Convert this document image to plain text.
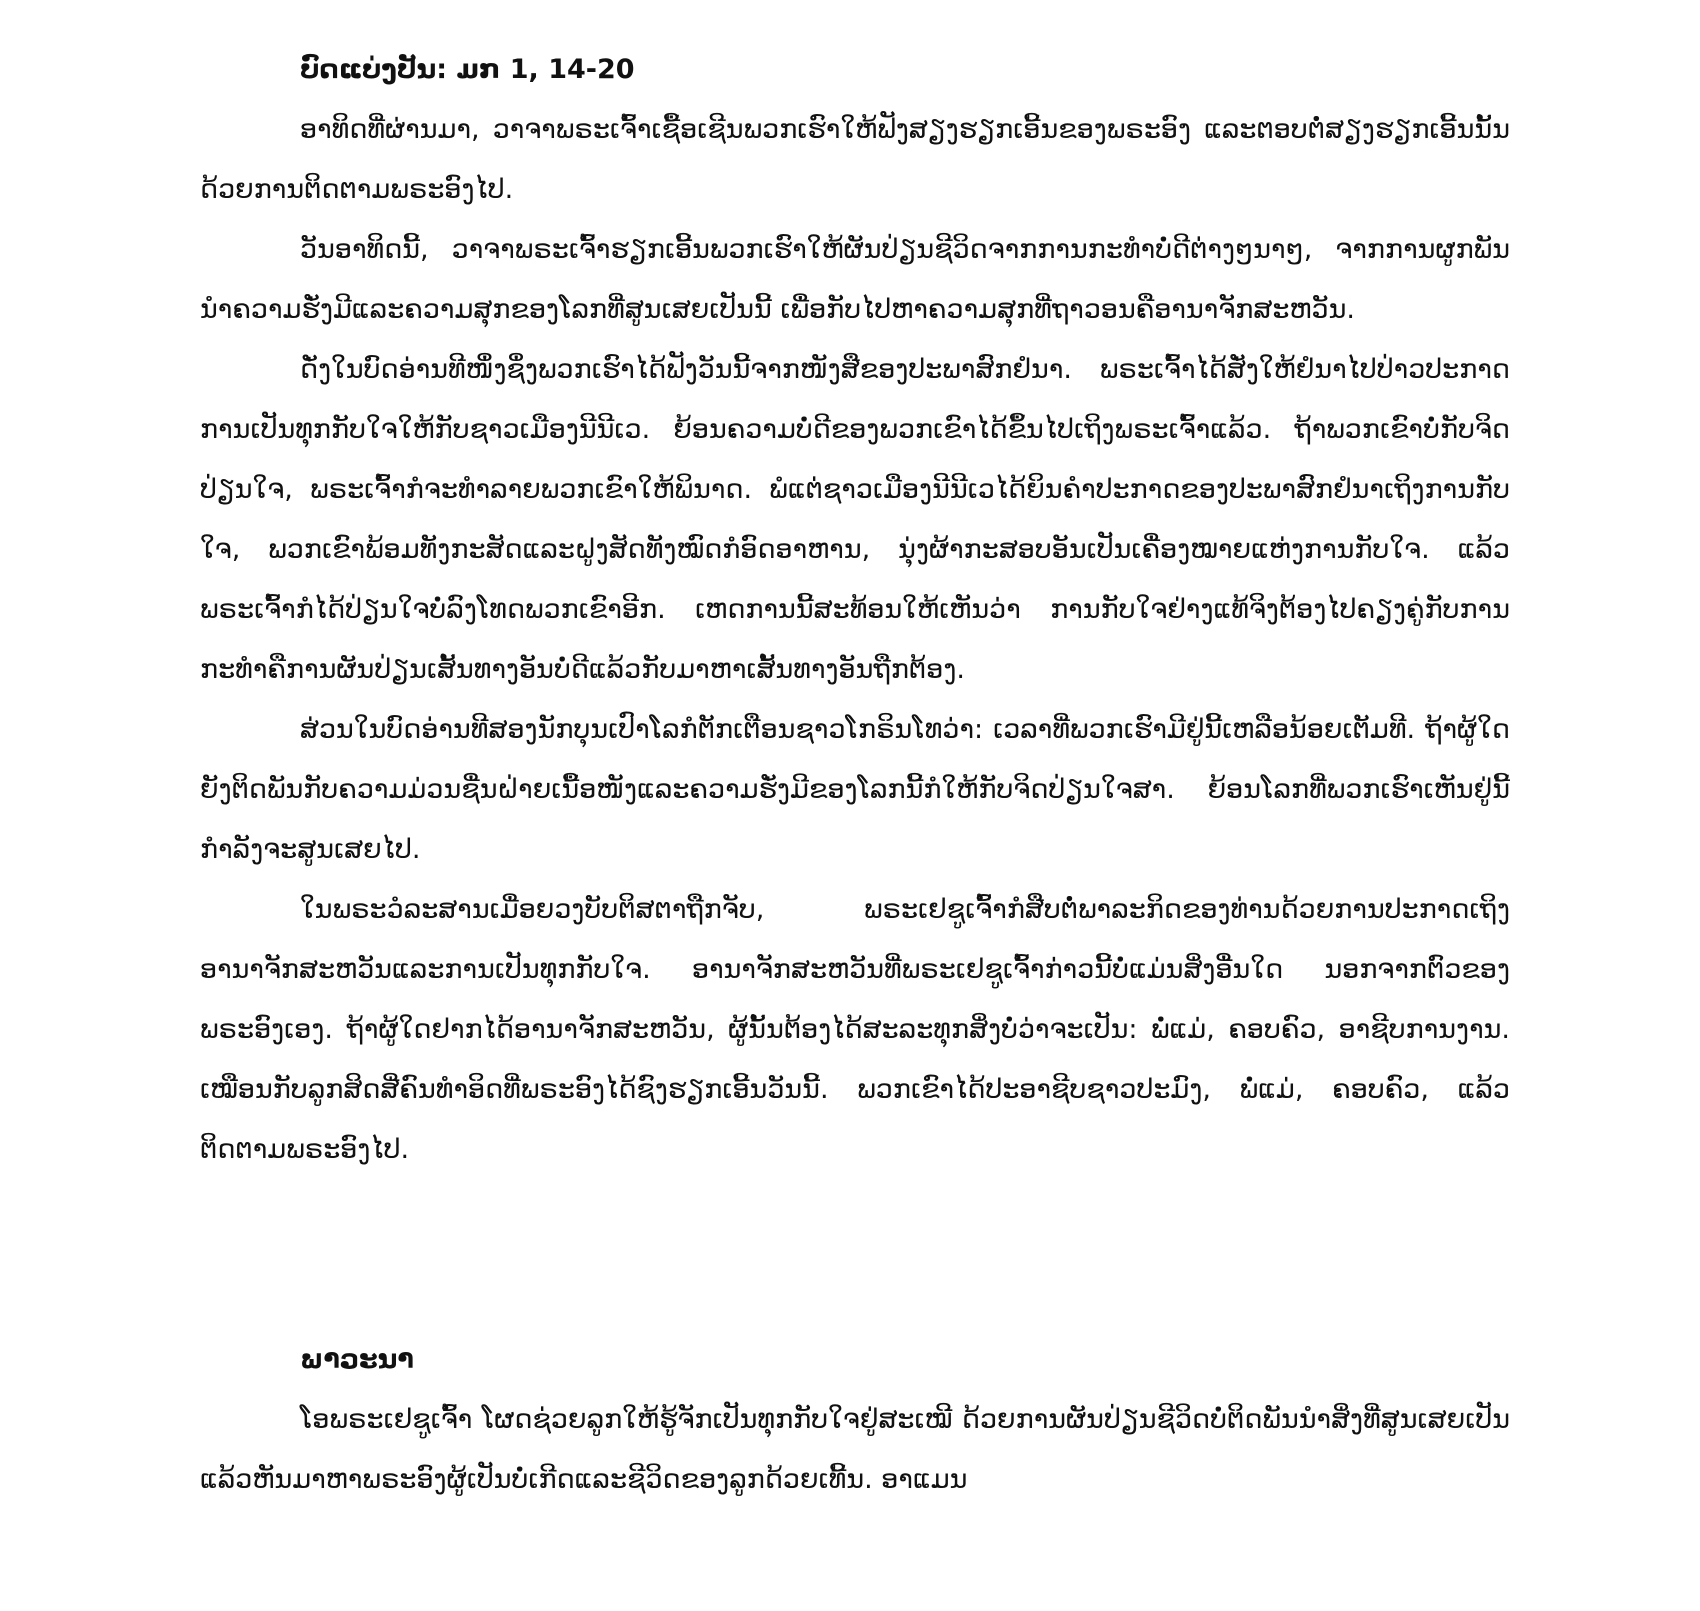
ບົດແບ່ງປັນ: ມກ 1, 14-20

ອາທິດທີ່ຜ່ານມາ, ວາຈາພຣະເຈົ້າເຊື້ອເຊີນພວກເຮົາໃຫ້ຟັງສຽງຮຽກເອີ້ນຂອງພຣະອົງ ແລະຕອບຕໍ່ສຽງຮຽກເອີ້ນນັ້ນດ້ວຍການຕິດຕາມພຣະອົງໄປ.

ວັນອາທິດນີ້, ວາຈາພຣະເຈົ້າຮຽກເອີ້ນພວກເຮົາໃຫ້ຜັນປ່ຽນຊີວິດຈາກການກະທຳບໍ່ດີຕ່າງໆນາໆ, ຈາກການຜູກພັນນຳຄວາມຮັ່ງມີແລະຄວາມສຸກຂອງໂລກທີ່ສູນເສຍເປັນນີ້ ເພື່ອກັບໄປຫາຄວາມສຸກທີ່ຖາວອນຄືອານາຈັກສະຫວັນ.

ດັ່ງໃນບົດອ່ານທີໜຶ່ງຊຶ່ງພວກເຮົາໄດ້ຟັງວັນນີ້ຈາກໜັງສືຂອງປະພາສົກຢໍນາ. ພຣະເຈົ້າໄດ້ສັ່ງໃຫ້ຢໍນາໄປປ່າວປະກາດການເປັນທຸກກັບໃຈໃຫ້ກັບຊາວເມືອງນີນີເວ. ຍ້ອນຄວາມບໍ່ດີຂອງພວກເຂົາໄດ້ຂຶ້ນໄປເຖິງພຣະເຈົ້າແລ້ວ. ຖ້າພວກເຂົາບໍ່ກັບຈິດປ່ຽນໃຈ, ພຣະເຈົ້າກໍຈະທຳລາຍພວກເຂົາໃຫ້ພິນາດ. ພໍແຕ່ຊາວເມືອງນີນີເວໄດ້ຍິນຄຳປະກາດຂອງປະພາສົກຢໍນາເຖິງການກັບໃຈ, ພວກເຂົາພ້ອມທັງກະສັດແລະຝູງສັດທັງໝົດກໍອົດອາຫານ, ນຸ່ງຜ້າກະສອບອັນເປັນເຄື່ອງໝາຍແຫ່ງການກັບໃຈ. ແລ້ວພຣະເຈົ້າກໍໄດ້ປ່ຽນໃຈບໍ່ລົງໂທດພວກເຂົາອີກ. ເຫດການນີ້ສະທ້ອນໃຫ້ເຫັນວ່າ ການກັບໃຈຢ່າງແທ້ຈິງຕ້ອງໄປຄຽງຄູ່ກັບການກະທຳຄືການຜັນປ່ຽນເສັ້ນທາງອັນບໍ່ດີແລ້ວກັບມາຫາເສັ້ນທາງອັນຖືກຕ້ອງ.

ສ່ວນໃນບົດອ່ານທີສອງນັກບຸນເປົາໂລກໍຕັກເຕືອນຊາວໂກຣິນໂທວ່າ: ເວລາທີ່ພວກເຮົາມີຢູ່ນີ້ເຫລືອນ້ອຍເຕັມທີ. ຖ້າຜູ້ໃດຍັງຕິດພັນກັບຄວາມມ່ວນຊື່ນຝ່າຍເນື້ອໜັງແລະຄວາມຮັ່ງມີຂອງໂລກນີ້ກໍໃຫ້ກັບຈິດປ່ຽນໃຈສາ. ຍ້ອນໂລກທີ່ພວກເຮົາເຫັນຢູ່ນີ້ກຳລັງຈະສູນເສຍໄປ.

ໃນພຣະວໍລະສານເມື່ອຍວງບັບຕິສຕາຖືກຈັບ, ພຣະເຢຊູເຈົ້າກໍສືບຕໍ່ພາລະກິດຂອງທ່ານດ້ວຍການປະກາດເຖິງອານາຈັກສະຫວັນແລະການເປັນທຸກກັບໃຈ. ອານາຈັກສະຫວັນທີ່ພຣະເຢຊູເຈົ້າກ່າວນີ້ບໍ່ແມ່ນສິ່ງອື່ນໃດ ນອກຈາກຕົວຂອງພຣະອົງເອງ. ຖ້າຜູ້ໃດຢາກໄດ້ອານາຈັກສະຫວັນ, ຜູ້ນັ້ນຕ້ອງໄດ້ສະລະທຸກສິ່ງບໍ່ວ່າຈະເປັນ: ພໍ່ແມ່, ຄອບຄົວ, ອາຊີບການງານ. ເໝືອນກັບລູກສິດສີ່ຄົນທຳອິດທີ່ພຣະອົງໄດ້ຊົງຮຽກເອີ້ນວັນນີ້. ພວກເຂົາໄດ້ປະອາຊີບຊາວປະມົງ, ພໍ່ແມ່, ຄອບຄົວ, ແລ້ວຕິດຕາມພຣະອົງໄປ.

ພາວະນາ

ໂອພຣະເຢຊູເຈົ້າ ໂຜດຊ່ວຍລູກໃຫ້ຮູ້ຈັກເປັນທຸກກັບໃຈຢູ່ສະເໝີ ດ້ວຍການຜັນປ່ຽນຊີວິດບໍ່ຕິດພັນນຳສິ່ງທີ່ສູນເສຍເປັນ ແລ້ວຫັນມາຫາພຣະອົງຜູ້ເປັນບໍ່ເກີດແລະຊີວິດຂອງລູກດ້ວຍເທີ້ນ. ອາແມນ
